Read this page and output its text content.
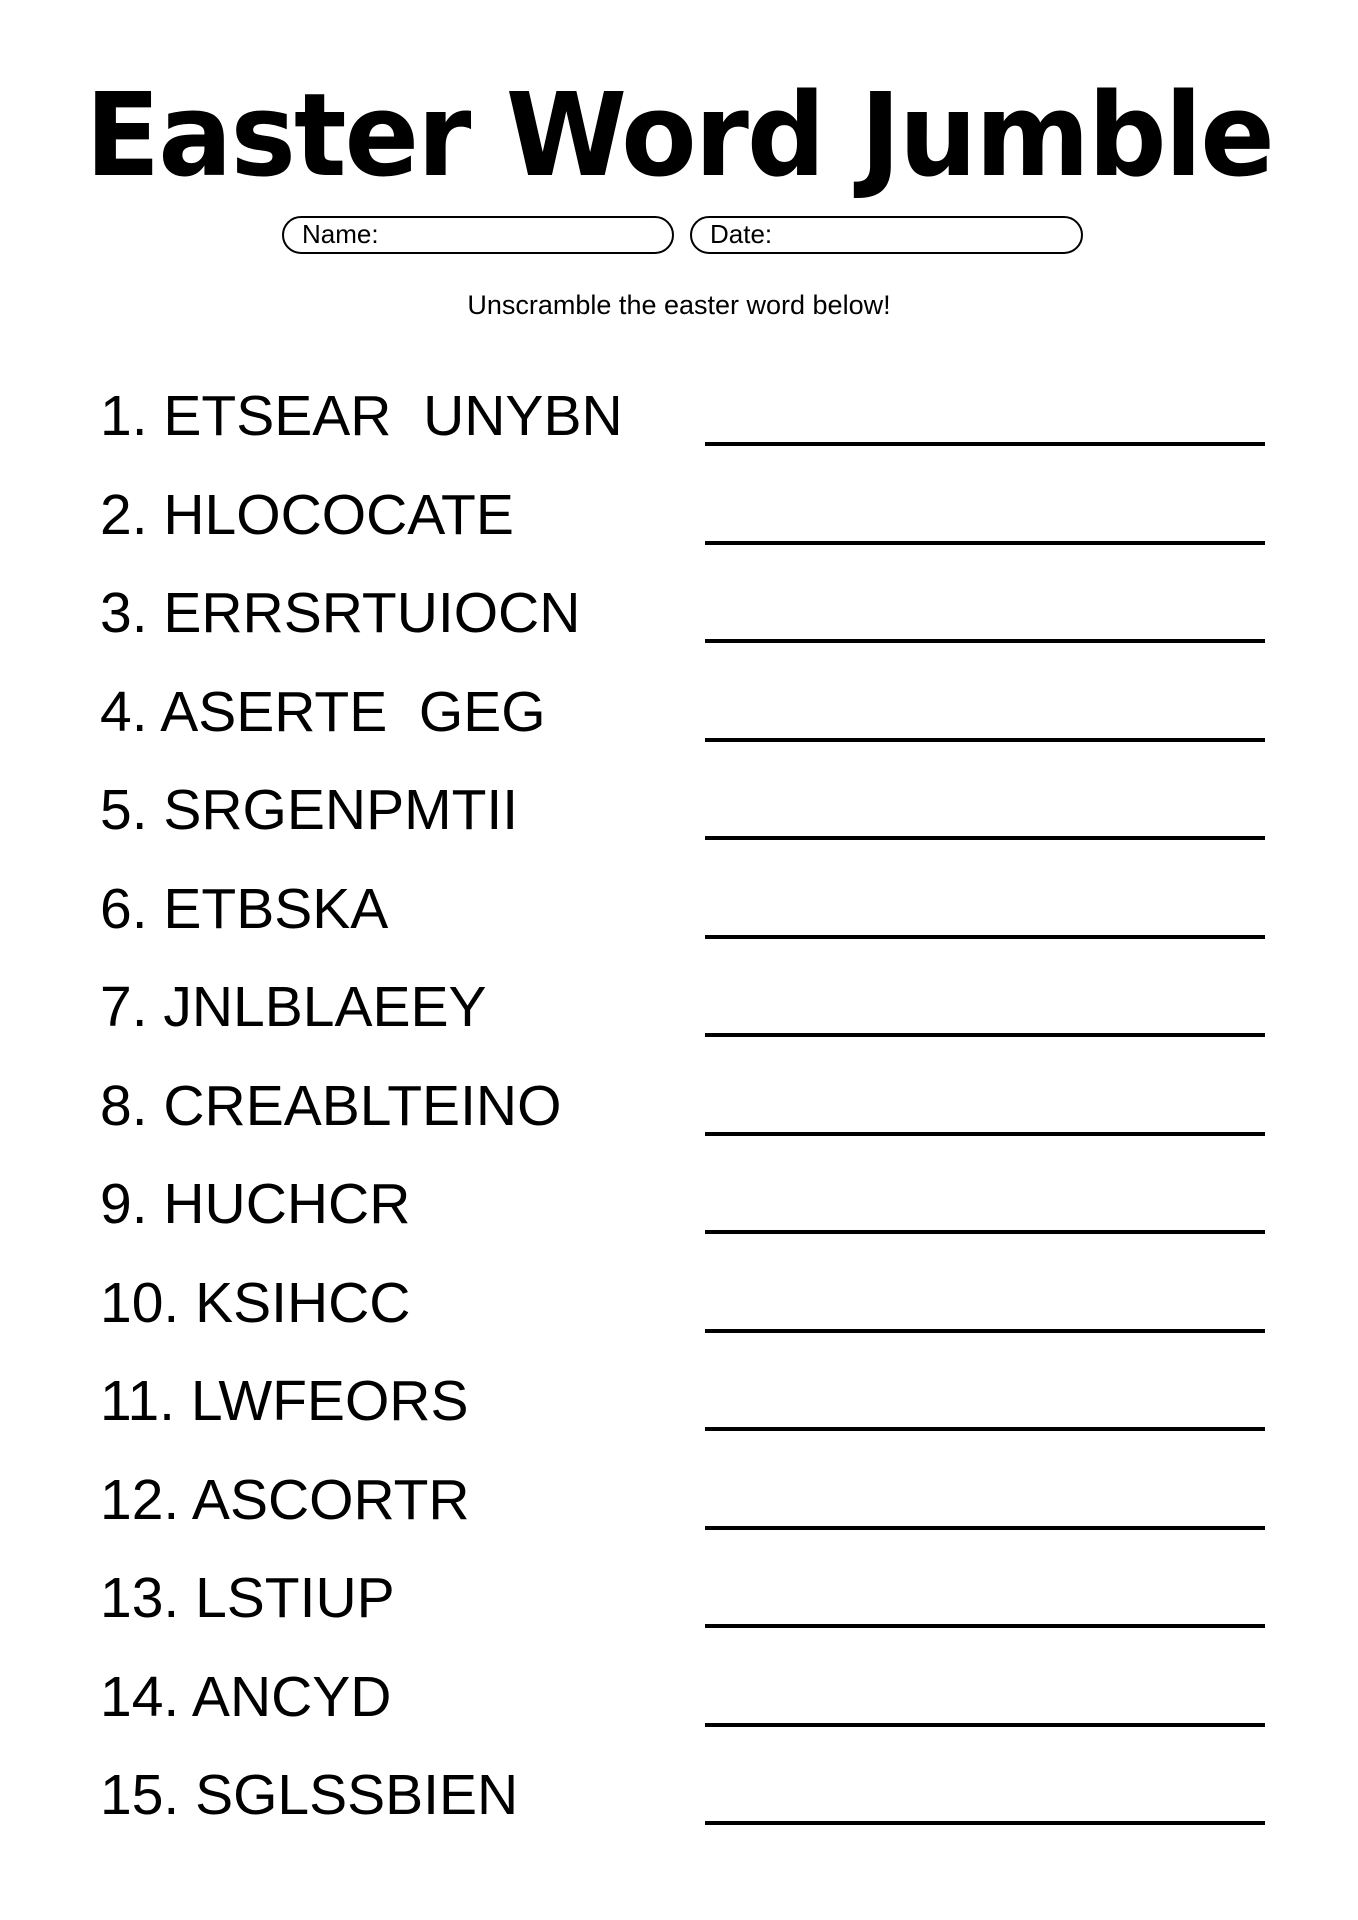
Easter Word Jumble
Name:	Date:
Unscramble the easter word below!
1. ETSEAR  UNYBN
2. HLOCOCATE
3. ERRSRTUIOCN
4. ASERTE  GEG
5. SRGENPMTII
6. ETBSKA
7. JNLBLAEEY
8. CREABLTEINO
9. HUCHCR
10. KSIHCC
11. LWFEORS
12. ASCORTR
13. LSTIUP
14. ANCYD
15. SGLSSBIEN
